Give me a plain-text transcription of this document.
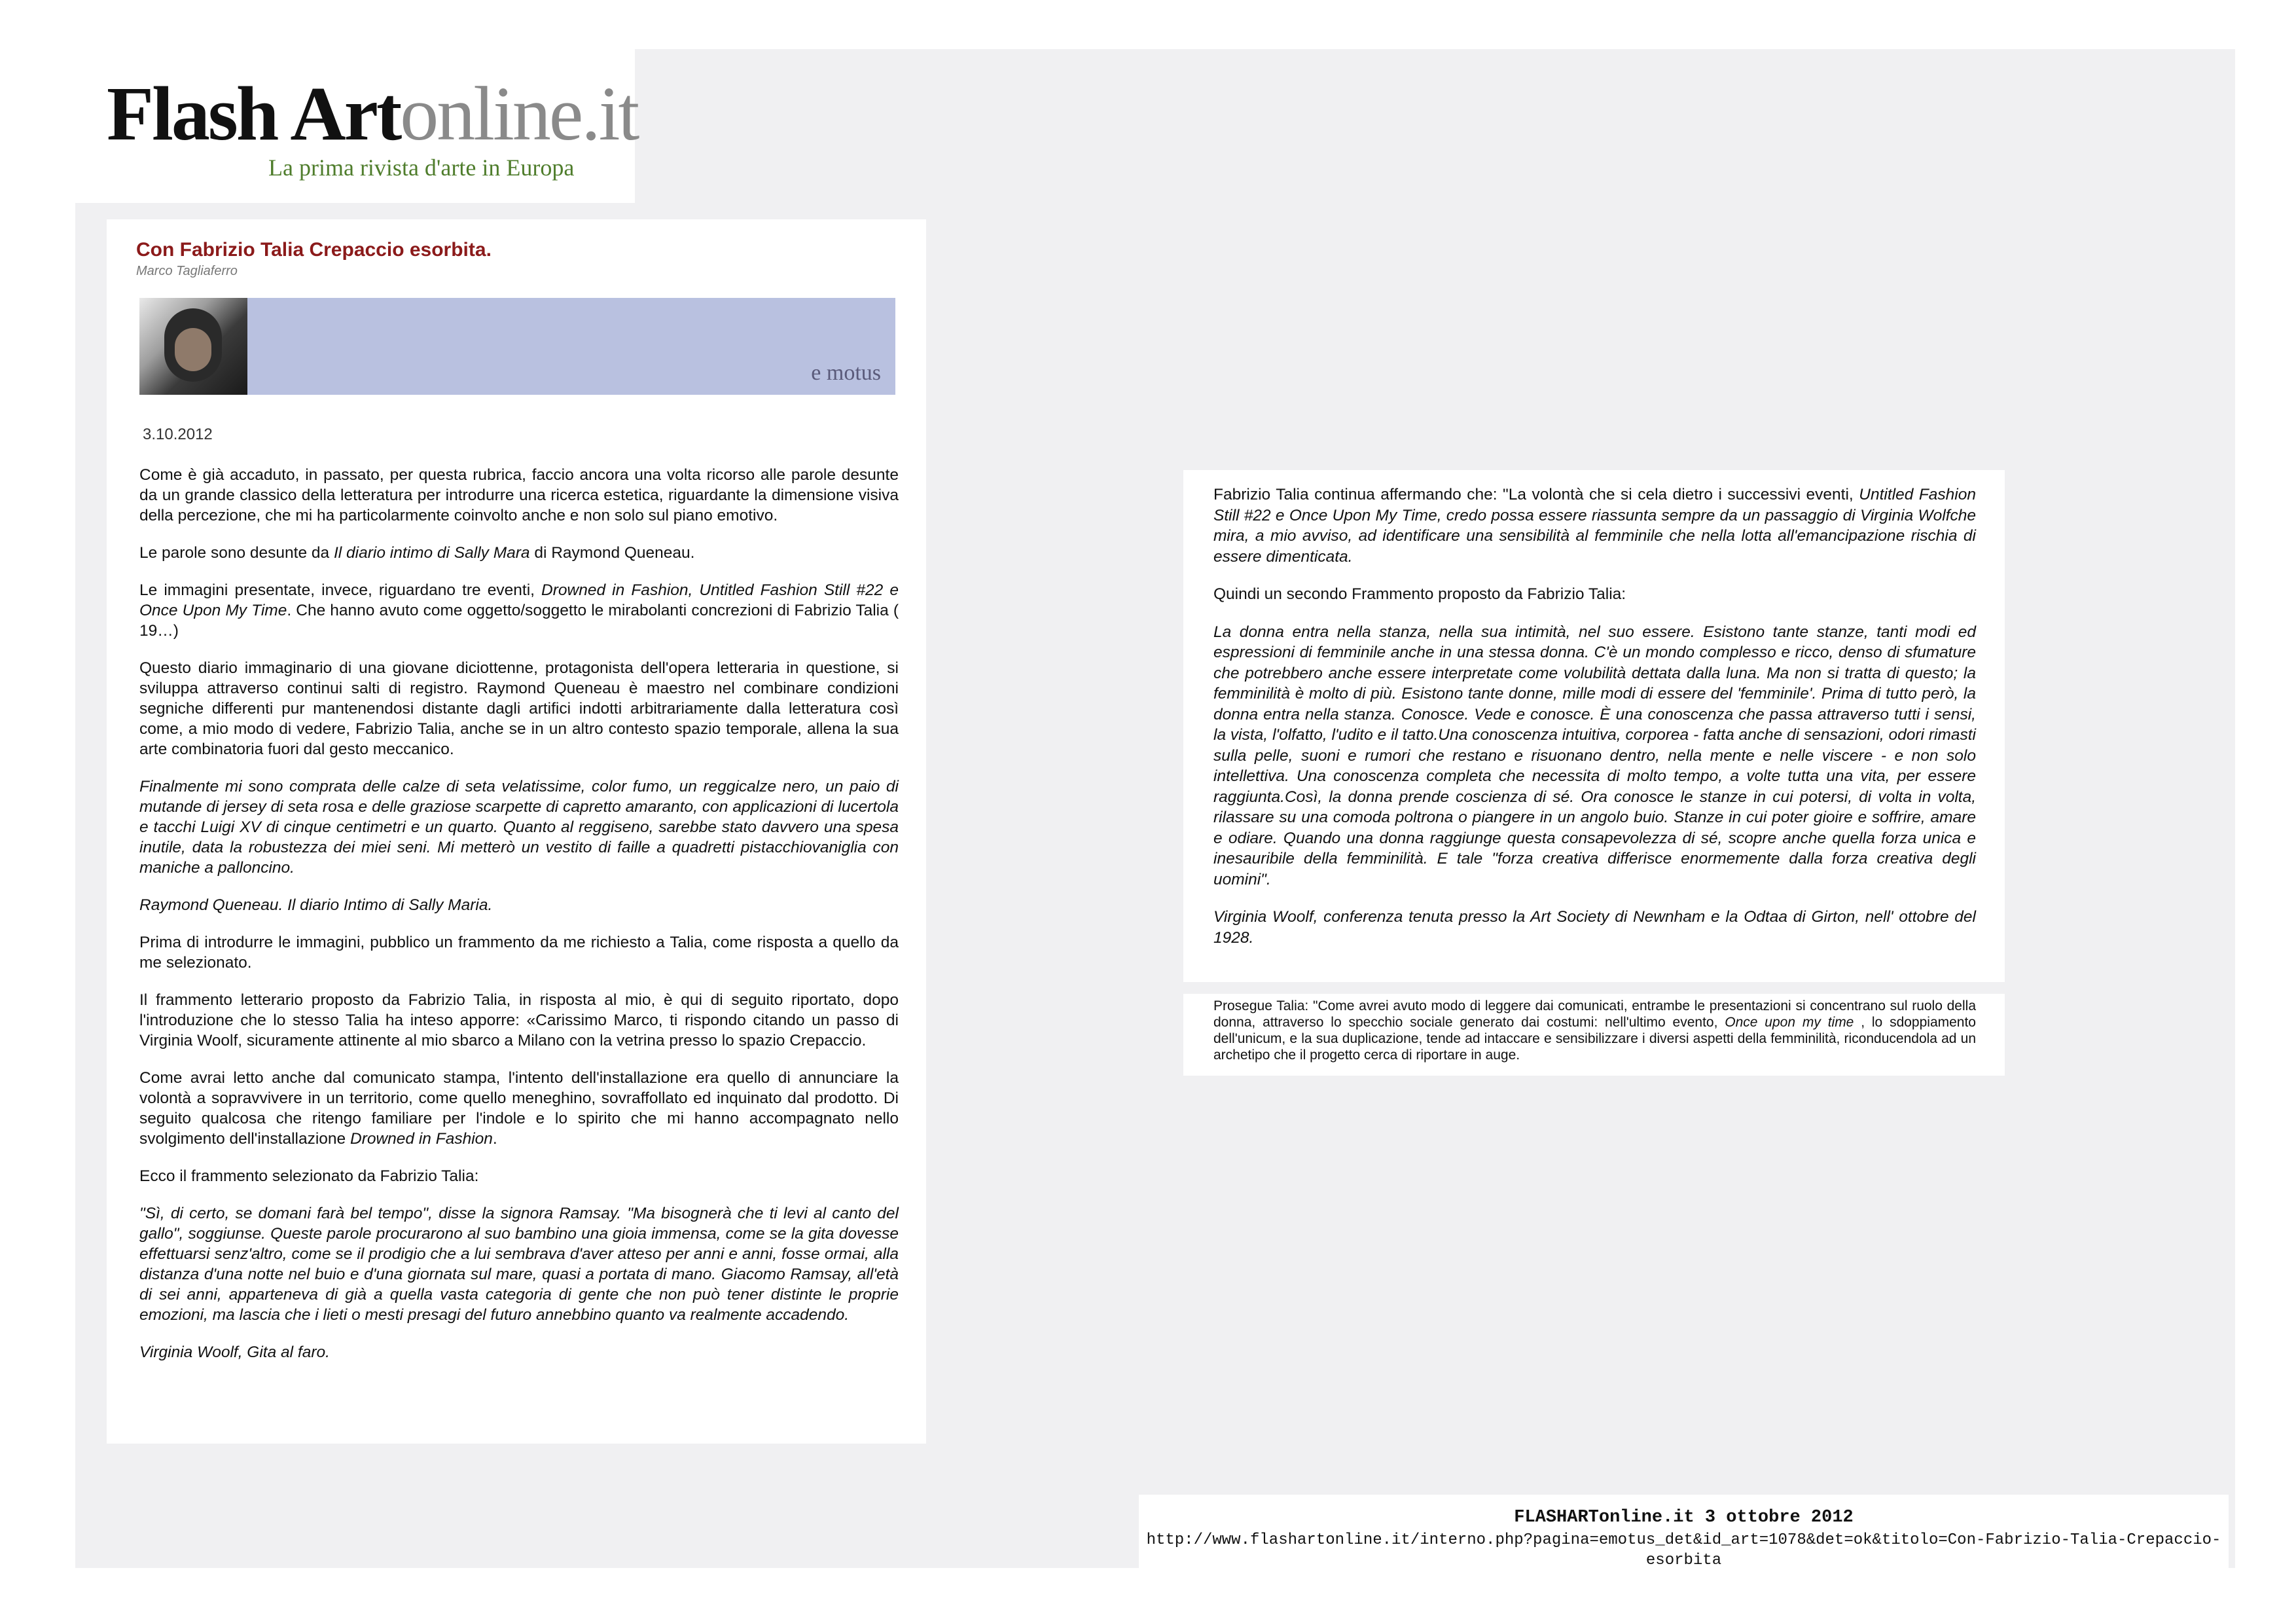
Flash Artonline.it
La prima rivista d'arte in Europa
Con Fabrizio Talia Crepaccio esorbita.
Marco Tagliaferro
e motus
3.10.2012

Come è già accaduto, in passato, per questa rubrica, faccio ancora una volta ricorso alle parole desunte da un grande classico della letteratura per introdurre una ricerca estetica, riguardante la dimensione visiva della percezione, che mi ha particolarmente coinvolto anche e non solo sul piano emotivo.

Le parole sono desunte da Il diario intimo di Sally Mara di Raymond Queneau.

Le immagini presentate, invece, riguardano tre eventi, Drowned in Fashion, Untitled Fashion Still #22 e Once Upon My Time. Che hanno avuto come oggetto/soggetto le mirabolanti concrezioni di Fabrizio Talia ( 19…)

Questo diario immaginario di una giovane diciottenne, protagonista dell'opera letteraria in questione, si sviluppa attraverso continui salti di registro. Raymond Queneau è maestro nel combinare condizioni segniche differenti pur mantenendosi distante dagli artifici indotti arbitrariamente dalla letteratura così come, a mio modo di vedere, Fabrizio Talia, anche se in un altro contesto spazio temporale, allena la sua arte combinatoria fuori dal gesto meccanico.

Finalmente mi sono comprata delle calze di seta velatissime, color fumo, un reggicalze nero, un paio di mutande di jersey di seta rosa e delle graziose scarpette di capretto amaranto, con applicazioni di lucertola e tacchi Luigi XV di cinque centimetri e un quarto. Quanto al reggiseno, sarebbe stato davvero una spesa inutile, data la robustezza dei miei seni. Mi metterò un vestito di faille a quadretti pistacchiovaniglia con maniche a palloncino.

Raymond Queneau. Il diario Intimo di Sally Maria.

Prima di introdurre le immagini, pubblico un frammento da me richiesto a Talia, come risposta a quello da me selezionato.

Il frammento letterario proposto da Fabrizio Talia, in risposta al mio, è qui di seguito riportato, dopo l'introduzione che lo stesso Talia ha inteso apporre: «Carissimo Marco, ti rispondo citando un passo di Virginia Woolf, sicuramente attinente al mio sbarco a Milano con la vetrina presso lo spazio Crepaccio.

Come avrai letto anche dal comunicato stampa, l'intento dell'installazione era quello di annunciare la volontà a sopravvivere in un territorio, come quello meneghino, sovraffollato ed inquinato dal prodotto. Di seguito qualcosa che ritengo familiare per l'indole e lo spirito che mi hanno accompagnato nello svolgimento dell'installazione Drowned in Fashion.

Ecco il frammento selezionato da Fabrizio Talia:

"Sì, di certo, se domani farà bel tempo", disse la signora Ramsay. "Ma bisognerà che ti levi al canto del gallo", soggiunse. Queste parole procurarono al suo bambino una gioia immensa, come se la gita dovesse effettuarsi senz'altro, come se il prodigio che a lui sembrava d'aver atteso per anni e anni, fosse ormai, alla distanza d'una notte nel buio e d'una giornata sul mare, quasi a portata di mano. Giacomo Ramsay, all'età di sei anni, apparteneva di già a quella vasta categoria di gente che non può tener distinte le proprie emozioni, ma lascia che i lieti o mesti presagi del futuro annebbino quanto va realmente accadendo.

Virginia Woolf, Gita al faro.

Fabrizio Talia continua affermando che: "La volontà che si cela dietro i successivi eventi, Untitled Fashion Still #22 e Once Upon My Time, credo possa essere riassunta sempre da un passaggio di Virginia Wolfche mira, a mio avviso, ad identificare una sensibilità al femminile che nella lotta all'emancipazione rischia di essere dimenticata.

Quindi un secondo Frammento proposto da Fabrizio Talia:

La donna entra nella stanza, nella sua intimità, nel suo essere. Esistono tante stanze, tanti modi ed espressioni di femminile anche in una stessa donna. C'è un mondo complesso e ricco, denso di sfumature che potrebbero anche essere interpretate come volubilità dettata dalla luna. Ma non si tratta di questo; la femminilità è molto di più. Esistono tante donne, mille modi di essere del 'femminile'. Prima di tutto però, la donna entra nella stanza. Conosce. Vede e conosce. È una conoscenza che passa attraverso tutti i sensi, la vista, l'olfatto, l'udito e il tatto.Una conoscenza intuitiva, corporea - fatta anche di sensazioni, odori rimasti sulla pelle, suoni e rumori che restano e risuonano dentro, nella mente e nelle viscere - e non solo intellettiva. Una conoscenza completa che necessita di molto tempo, a volte tutta una vita, per essere raggiunta.Così, la donna prende coscienza di sé. Ora conosce le stanze in cui potersi, di volta in volta, rilassare su una comoda poltrona o piangere in un angolo buio. Stanze in cui poter gioire e soffrire, amare e odiare. Quando una donna raggiunge questa consapevolezza di sé, scopre anche quella forza unica e inesauribile della femminilità. E tale "forza creativa differisce enormemente dalla forza creativa degli uomini".

Virginia Woolf, conferenza tenuta presso la Art Society di Newnham e la Odtaa di Girton, nell' ottobre del 1928.

Prosegue Talia: "Come avrei avuto modo di leggere dai comunicati, entrambe le presentazioni si concentrano sul ruolo della donna, attraverso lo specchio sociale generato dai costumi: nell'ultimo evento, Once upon my time , lo sdoppiamento dell'unicum, e la sua duplicazione, tende ad intaccare e sensibilizzare i diversi aspetti della femminilità, riconducendola ad un archetipo che il progetto cerca di riportare in auge.

FLASHARTonline.it 3 ottobre 2012
http://www.flashartonline.it/interno.php?pagina=emotus_det&id_art=1078&det=ok&titolo=Con-Fabrizio-Talia-Crepaccio-esorbita
